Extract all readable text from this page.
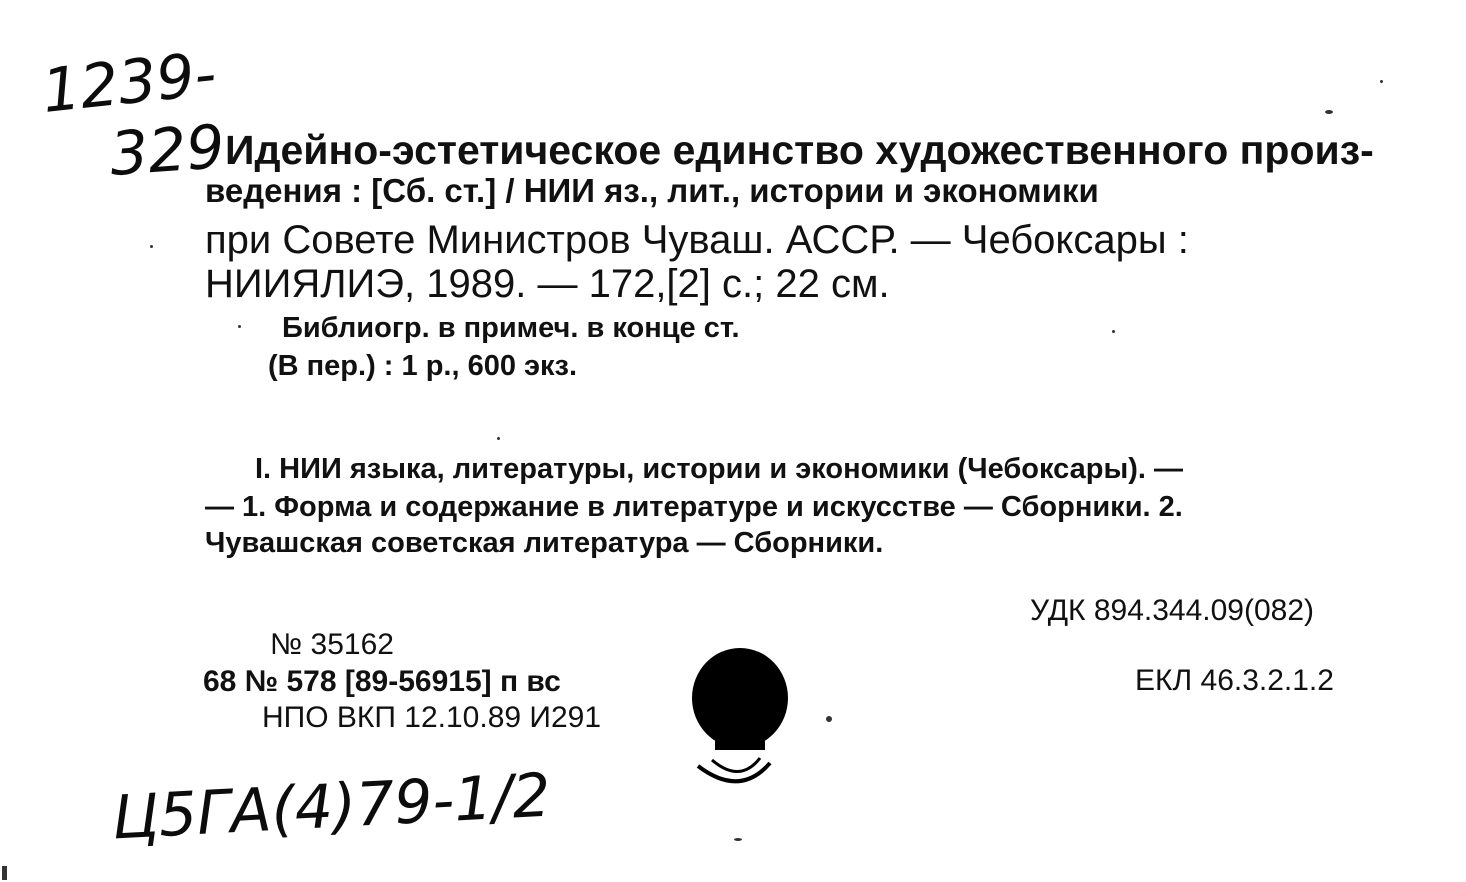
1239-
329
Идейно-эстетическое единство художественного произ-
ведения : [Сб. ст.] / НИИ яз., лит., истории и экономики
при Совете Министров Чуваш. АССР. — Чебоксары :
НИИЯЛИЭ, 1989. — 172,[2] с.; 22 см.
Библиогр. в примеч. в конце ст.
(В пер.) : 1 р., 600 экз.
I. НИИ языка, литературы, истории и экономики (Чебоксары). —
— 1. Форма и содержание в литературе и искусстве — Сборники. 2.
Чувашская советская литература — Сборники.
УДК 894.344.09(082)
ЕКЛ 46.3.2.1.2
№ 35162
68 № 578 [89-56915] п вс
НПО ВКП 12.10.89 И291
Ц5ГА(4)79-1/2
